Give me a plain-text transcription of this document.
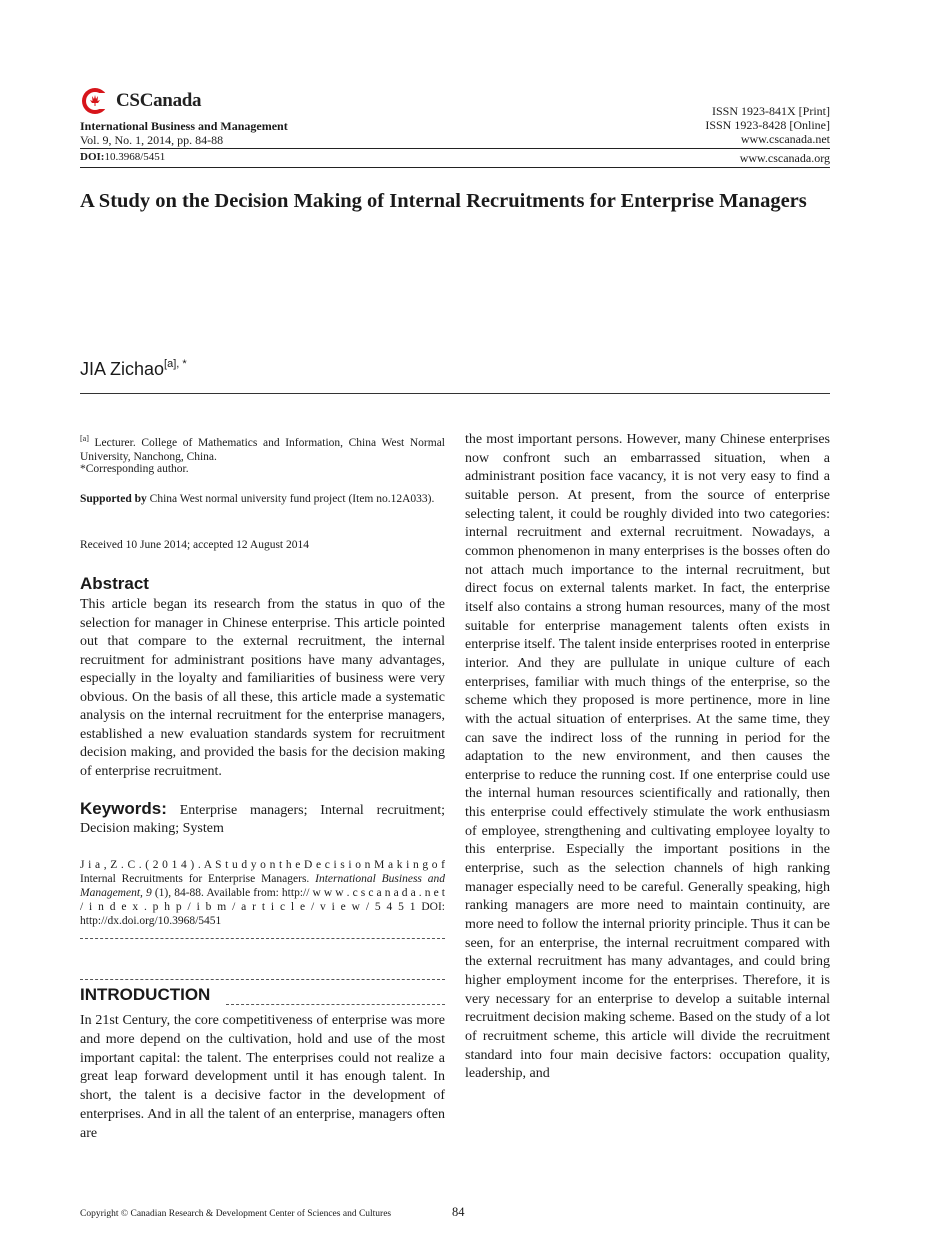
CSCanada
International Business and Management
Vol. 9, No. 1, 2014, pp. 84-88
ISSN 1923-841X [Print]
ISSN 1923-8428 [Online]
www.cscanada.net
DOI:10.3968/5451	www.cscanada.org
A Study on the Decision Making of Internal Recruitments for Enterprise Managers
JIA Zichao$^{[a], *}$
[a] Lecturer. College of Mathematics and Information, China West Normal University, Nanchong, China.
*Corresponding author.
Supported by China West normal university fund project (Item no.12A033).
Received 10 June 2014; accepted 12 August 2014
Abstract
This article began its research from the status in quo of the selection for manager in Chinese enterprise. This article pointed out that compare to the external recruitment, the internal recruitment for administrant positions have many advantages, especially in the loyalty and familiarities of business were very obvious. On the basis of all these, this article made a systematic analysis on the internal recruitment for the enterprise managers, established a new evaluation standards system for recruitment decision making, and provided the basis for the decision making of enterprise recruitment.
Keywords: Enterprise managers; Internal recruitment; Decision making; System
J i a , Z . C . ( 2 0 1 4 ) . A S t u d y o n t h e D e c i s i o n M a k i n g o f Internal Recruitments for Enterprise Managers. International Business and Management, 9 (1), 84-88. Available from: http:// w w w . c s c a n a d a . n e t / i n d e x . p h p / i b m / a r t i c l e / v i e w / 5 4 5 1 DOI: http://dx.doi.org/10.3968/5451
INTRODUCTION
In 21st Century, the core competitiveness of enterprise was more and more depend on the cultivation, hold and use of the most important capital: the talent. The enterprises could not realize a great leap forward development until it has enough talent. In short, the talent is a decisive factor in the development of enterprises. And in all the talent of an enterprise, managers often are
the most important persons. However, many Chinese enterprises now confront such an embarrassed situation, when a administrant position face vacancy, it is not very easy to find a suitable person. At present, from the source of enterprise selecting talent, it could be roughly divided into two categories: internal recruitment and external recruitment. Nowadays, a common phenomenon in many enterprises is the bosses often do not attach much importance to the internal recruitment, but direct focus on external talents market. In fact, the enterprise itself also contains a strong human resources, many of the most suitable for enterprise management talents often exists in enterprise itself. The talent inside enterprises rooted in enterprise interior. And they are pullulate in unique culture of each enterprises, familiar with much things of the enterprise, so the scheme which they proposed is more pertinence, more in line with the actual situation of enterprises. At the same time, they can save the indirect loss of the running in period for the adaptation to the new environment, and then causes the enterprise to reduce the running cost. If one enterprise could use the internal human resources scientifically and rationally, then this enterprise could effectively stimulate the work enthusiasm of employee, strengthening and cultivating employee loyalty to this enterprise. Especially the important positions in the enterprise, such as the selection channels of high ranking manager especially need to be careful. Generally speaking, high ranking managers are more need to maintain continuity, are more need to follow the internal priority principle. Thus it can be seen, for an enterprise, the internal recruitment compared with the external recruitment has many advantages, and could bring higher employment income for the enterprises. Therefore, it is very necessary for an enterprise to develop a suitable internal recruitment decision making scheme. Based on the study of a lot of recruitment scheme, this article will divide the recruitment standard into four main decisive factors: occupation quality, leadership, and
Copyright © Canadian Research & Development Center of Sciences and Cultures	84
